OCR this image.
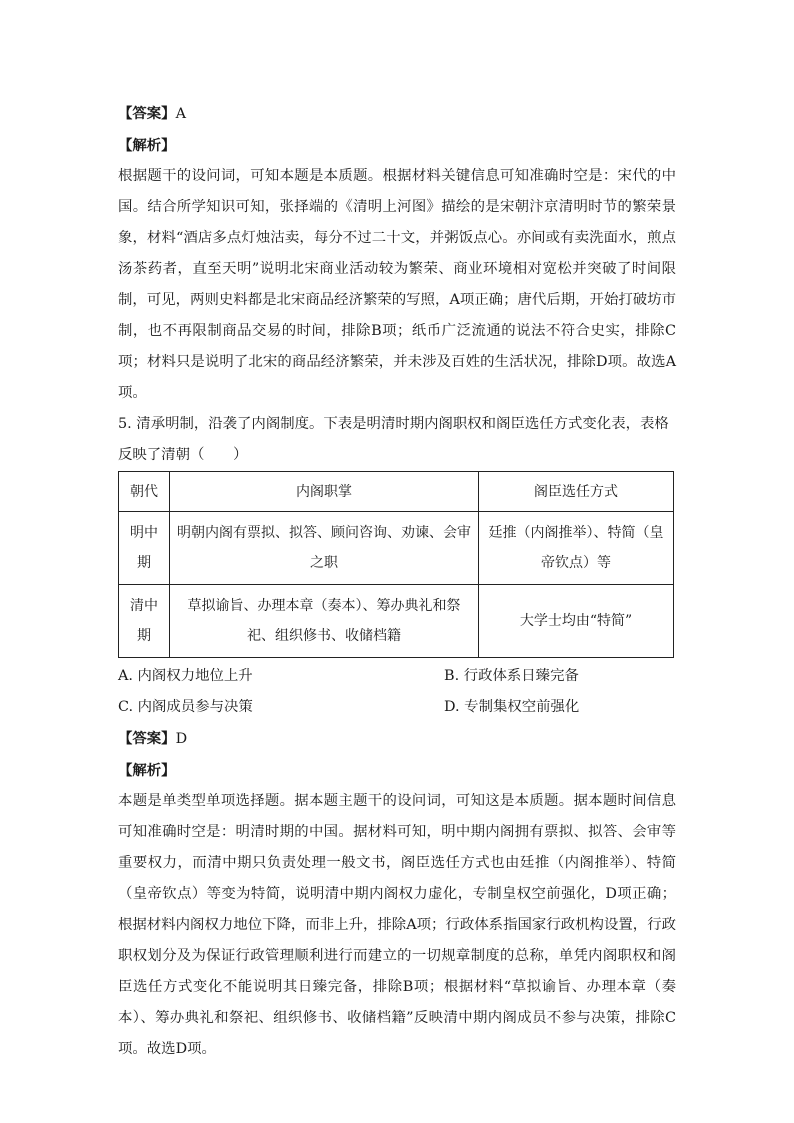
【答案】A
【解析】

根据题干的设问词，可知本题是本质题。根据材料关键信息可知准确时空是：宋代的中国。结合所学知识可知，张择端的《清明上河图》描绘的是宋朝汴京清明时节的繁荣景象，材料“酒店多点灯烛沽卖，每分不过二十文，并粥饭点心。亦间或有卖洗面水，煎点汤茶药者，直至天明”说明北宋商业活动较为繁荣、商业环境相对宽松并突破了时间限制，可见，两则史料都是北宋商品经济繁荣的写照，A项正确；唐代后期，开始打破坊市制，也不再限制商品交易的时间，排除B项；纸币广泛流通的说法不符合史实，排除C项；材料只是说明了北宋的商品经济繁荣，并未涉及百姓的生活状况，排除D项。故选A项。

5. 清承明制，沿袭了内阁制度。下表是明清时期内阁职权和阁臣选任方式变化表，表格反映了清朝（　　）

朝代	内阁职掌	阁臣选任方式
明中期	明朝内阁有票拟、拟答、顾问咨询、劝谏、会审之职	廷推（内阁推举）、特简（皇帝钦点）等
清中期	草拟谕旨、办理本章（奏本）、筹办典礼和祭祀、组织修书、收储档籍	大学士均由“特简”
A. 内阁权力地位上升	B. 行政体系日臻完备
C. 内阁成员参与决策	D. 专制集权空前强化
【答案】D
【解析】

本题是单类型单项选择题。据本题主题干的设问词，可知这是本质题。据本题时间信息可知准确时空是：明清时期的中国。据材料可知，明中期内阁拥有票拟、拟答、会审等重要权力，而清中期只负责处理一般文书，阁臣选任方式也由廷推（内阁推举）、特简（皇帝钦点）等变为特简，说明清中期内阁权力虚化，专制皇权空前强化，D项正确；根据材料内阁权力地位下降，而非上升，排除A项；行政体系指国家行政机构设置，行政职权划分及为保证行政管理顺利进行而建立的一切规章制度的总称，单凭内阁职权和阁臣选任方式变化不能说明其日臻完备，排除B项；根据材料“草拟谕旨、办理本章（奏本）、筹办典礼和祭祀、组织修书、收储档籍”反映清中期内阁成员不参与决策，排除C项。故选D项。
